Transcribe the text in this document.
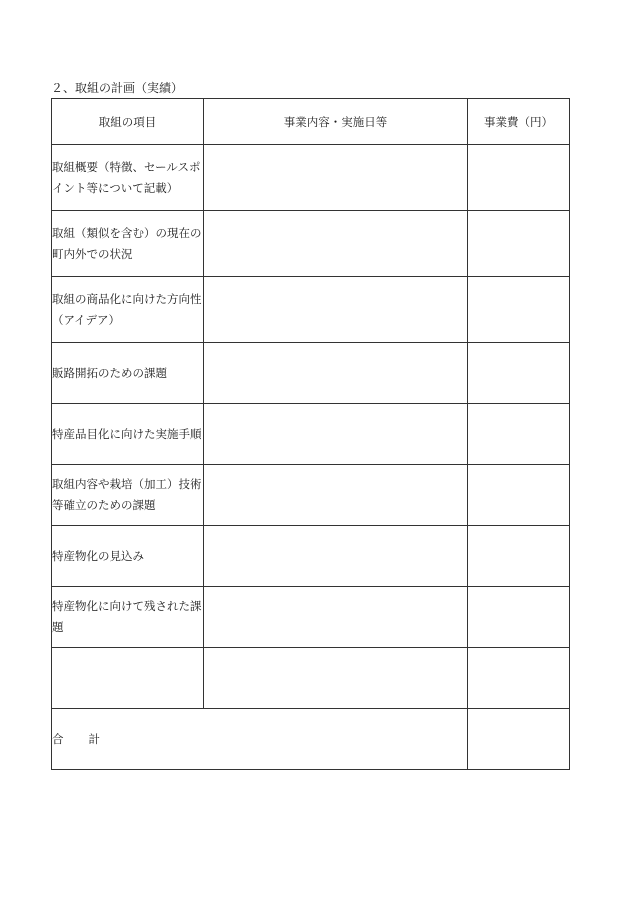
２、取組の計画（実績）
取組の項目	事業内容・実施日等	事業費（円）
取組概要（特徴、セールスポイント等について記載）		
取組（類似を含む）の現在の町内外での状況		
取組の商品化に向けた方向性（アイデア）		
販路開拓のための課題		
特産品目化に向けた実施手順		
取組内容や栽培（加工）技術等確立のための課題		
特産物化の見込み		
特産物化に向けて残された課題		

合 計		
